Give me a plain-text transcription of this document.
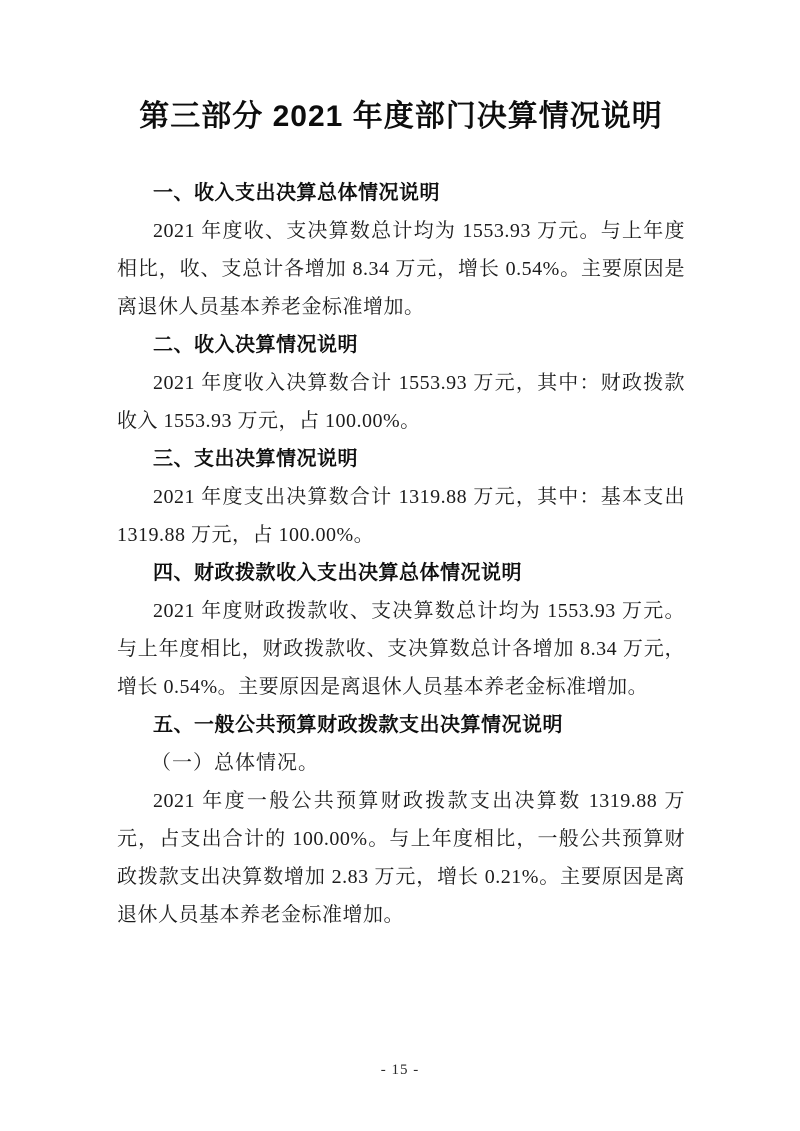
第三部分 2021 年度部门决算情况说明
一、收入支出决算总体情况说明

2021 年度收、支决算数总计均为 1553.93 万元。与上年度相比，收、支总计各增加 8.34 万元，增长 0.54%。主要原因是离退休人员基本养老金标准增加。

二、收入决算情况说明

2021 年度收入决算数合计 1553.93 万元，其中：财政拨款收入 1553.93 万元，占 100.00%。

三、支出决算情况说明

2021 年度支出决算数合计 1319.88 万元，其中：基本支出 1319.88 万元，占 100.00%。

四、财政拨款收入支出决算总体情况说明

2021 年度财政拨款收、支决算数总计均为 1553.93 万元。与上年度相比，财政拨款收、支决算数总计各增加 8.34 万元，增长 0.54%。主要原因是离退休人员基本养老金标准增加。

五、一般公共预算财政拨款支出决算情况说明

（一）总体情况。

2021 年度一般公共预算财政拨款支出决算数 1319.88 万元，占支出合计的 100.00%。与上年度相比，一般公共预算财政拨款支出决算数增加 2.83 万元，增长 0.21%。主要原因是离退休人员基本养老金标准增加。

- 15 -
